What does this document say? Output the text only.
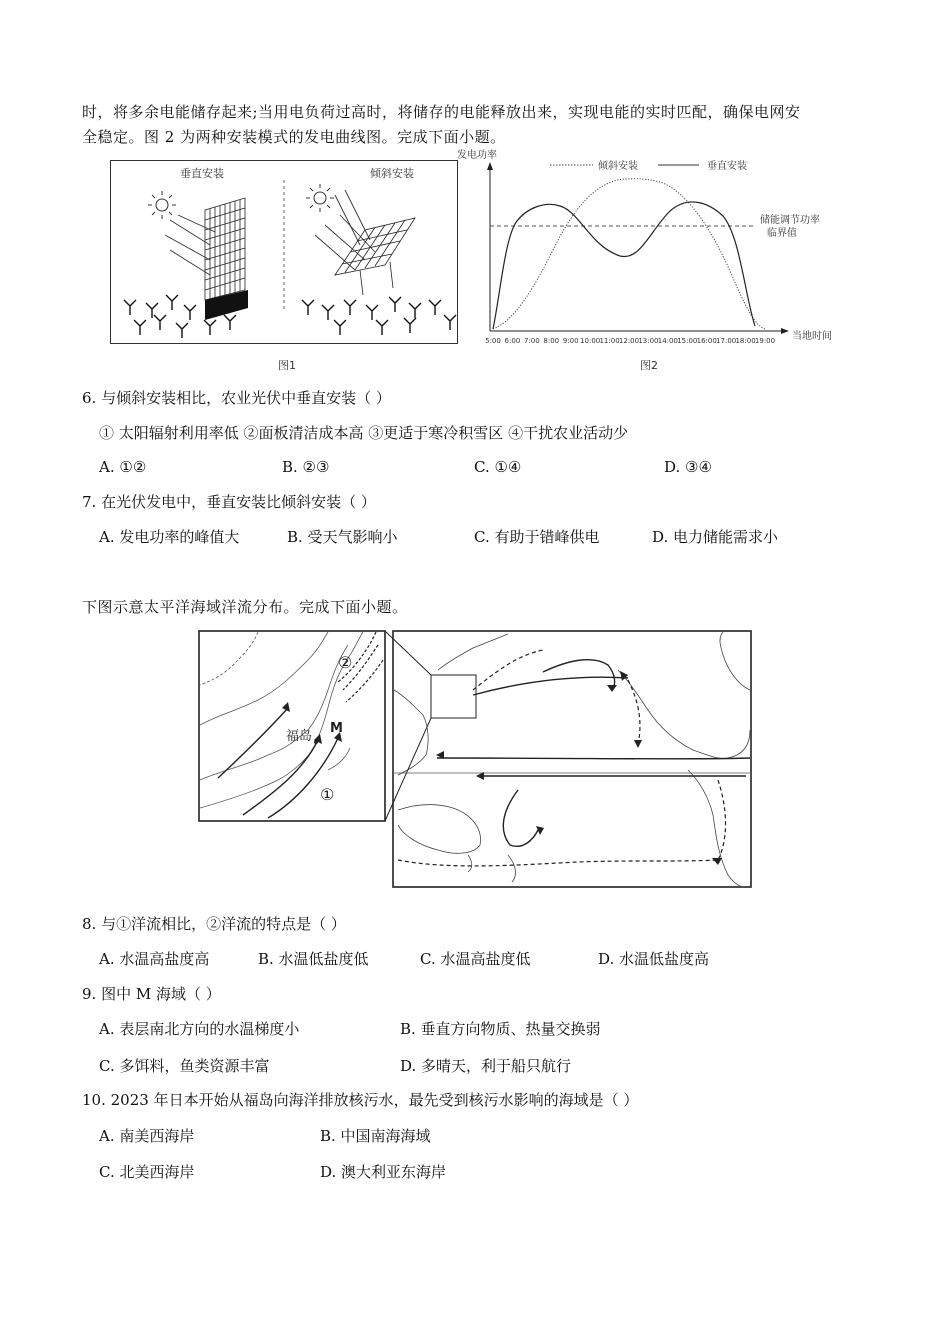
时，将多余电能储存起来;当用电负荷过高时，将储存的电能释放出来，实现电能的实时匹配，确保电网安
全稳定。图 2 为两种安装模式的发电曲线图。完成下面小题。
垂直安装	倾斜安装
图1
发电功率
当地时间
倾斜安装	垂直安装
储能调节功率
临界值
5:00 6:00 7:00 8:00 9:00 10:00 11:00 12:00 13:00 14:00 15:00 16:00 17:00 18:00 19:00
图2
6. 与倾斜安装相比，农业光伏中垂直安装（ ）
① 太阳辐射利用率低 ②面板清洁成本高 ③更适于寒冷积雪区 ④干扰农业活动少
A. ①②	B. ②③	C. ①④	D. ③④
7. 在光伏发电中，垂直安装比倾斜安装（ ）
A. 发电功率的峰值大	B. 受天气影响小	C. 有助于错峰供电	D. 电力储能需求小
下图示意太平洋海域洋流分布。完成下面小题。
②
①
福岛
M
8. 与①洋流相比，②洋流的特点是（ ）
A. 水温高盐度高	B. 水温低盐度低	C. 水温高盐度低	D. 水温低盐度高
9. 图中 M 海域（ ）
A. 表层南北方向的水温梯度小	B. 垂直方向物质、热量交换弱
C. 多饵料，鱼类资源丰富	D. 多晴天，利于船只航行
10. 2023 年日本开始从福岛向海洋排放核污水，最先受到核污水影响的海域是（ ）
A. 南美西海岸	B. 中国南海海域
C. 北美西海岸	D. 澳大利亚东海岸
